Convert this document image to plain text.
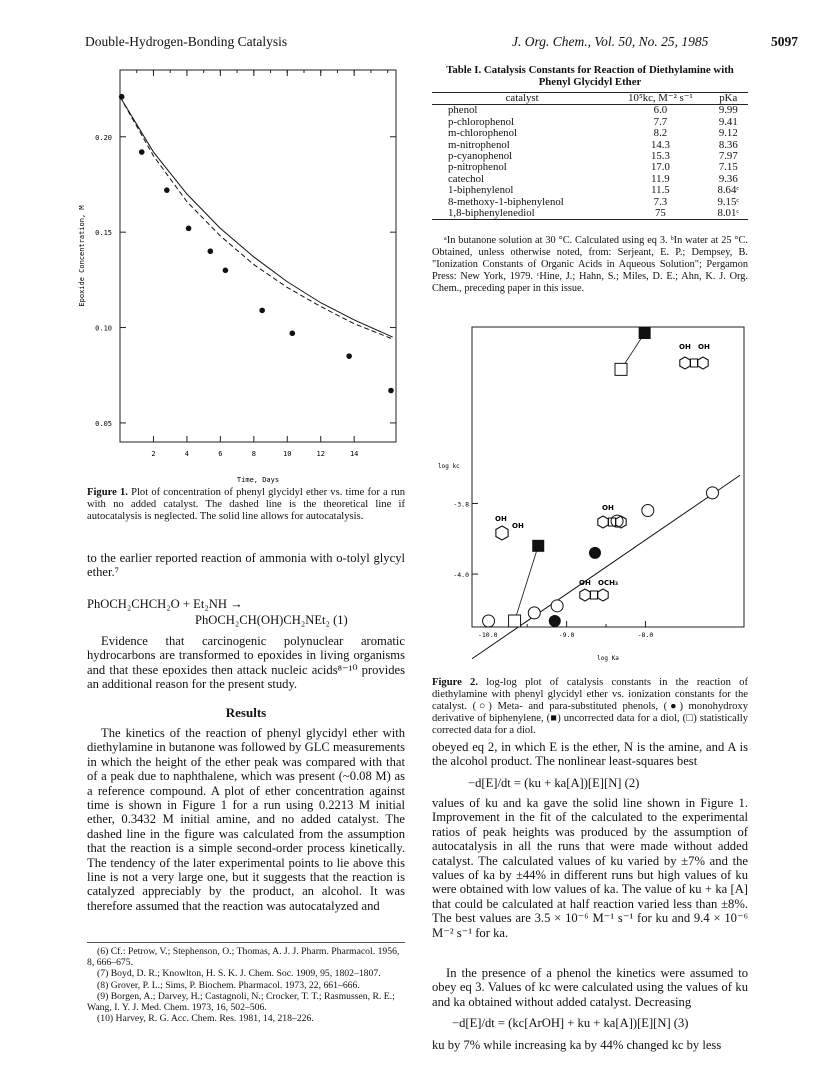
Double-Hydrogen-Bonding Catalysis	J. Org. Chem., Vol. 50, No. 25, 1985	5097
2	4	6	8	10	12	14
0.05
0.10
0.15
0.20
Time, Days
Epoxide Concentration, M
Figure 1. Plot of concentration of phenyl glycidyl ether vs. time for a run with no added catalyst. The dashed line is the theoretical line if autocatalysis is neglected. The solid line allows for autocatalysis.
to the earlier reported reaction of ammonia with o-tolyl glycyl ether.⁷
PhOCH₂CHCH₂O + Et₂NH →
PhOCH₂CH(OH)CH₂NEt₂ (1)
Evidence that carcinogenic polynuclear aromatic hydrocarbons are transformed to epoxides in living organisms and that these epoxides then attack nucleic acids⁸⁻¹⁰ provides an additional reason for the present study.
Results
The kinetics of the reaction of phenyl glycidyl ether with diethylamine in butanone was followed by GLC measurements in which the height of the ether peak was compared with that of a peak due to naphthalene, which was present (~0.08 M) as a reference compound. A plot of ether concentration against time is shown in Figure 1 for a run using 0.2213 M initial ether, 0.3432 M initial amine, and no added catalyst. The dashed line in the figure was calculated from the assumption that the reaction is a simple second-order process kinetically. The tendency of the later experimental points to lie above this line is not a very large one, but it suggests that the reaction is catalyzed appreciably by the product, an alcohol. It was therefore assumed that the reaction was autocatalyzed and
(6) Cf.: Petrow, V.; Stephenson, O.; Thomas, A. J. J. Pharm. Pharmacol. 1956, 8, 666–675.
(7) Boyd, D. R.; Knowlton, H. S. K. J. Chem. Soc. 1909, 95, 1802–1807.
(8) Grover, P. L.; Sims, P. Biochem. Pharmacol. 1973, 22, 661–666.
(9) Borgen, A.; Darvey, H.; Castagnoli, N.; Crocker, T. T.; Rasmussen, R. E.; Wang, I. Y. J. Med. Chem. 1973, 16, 502–506.
(10) Harvey, R. G. Acc. Chem. Res. 1981, 14, 218–226.
Table I. Catalysis Constants for Reaction of Diethylamine with Phenyl Glycidyl Ether
catalyst	10⁵kc, M⁻² s⁻¹	pKa
phenol	6.0	9.99
p-chlorophenol	7.7	9.41
m-chlorophenol	8.2	9.12
m-nitrophenol	14.3	8.36
p-cyanophenol	15.3	7.97
p-nitrophenol	17.0	7.15
catechol	11.9	9.36
1-biphenylenol	11.5	8.64ᶜ
8-methoxy-1-biphenylenol	7.3	9.15ᶜ
1,8-biphenylenediol	75	8.01ᶜ
ᵃIn butanone solution at 30 °C. Calculated using eq 3. ᵇIn water at 25 °C. Obtained, unless otherwise noted, from: Serjeant, E. P.; Dempsey, B. "Ionization Constants of Organic Acids in Aqueous Solution"; Pergamon Press: New York, 1979. ᶜHine, J.; Hahn, S.; Miles, D. E.; Ahn, K. J. Org. Chem., preceding paper in this issue.
-10.0	-9.0	-8.0
-3.8
-4.0
log Ka
log kc
OH OH
OH
OH
OH
OH OCH₃
Figure 2. log-log plot of catalysis constants in the reaction of diethylamine with phenyl glycidyl ether vs. ionization constants for the catalyst. (○) Meta- and para-substituted phenols, (●) monohydroxy derivative of biphenylene, (■) uncorrected data for a diol, (□) statistically corrected data for a diol.
obeyed eq 2, in which E is the ether, N is the amine, and A is the alcohol product. The nonlinear least-squares best
−d[E]/dt = (ku + ka[A])[E][N] (2)
values of ku and ka gave the solid line shown in Figure 1. Improvement in the fit of the calculated to the experimental ratios of peak heights was produced by the assumption of autocatalysis in all the runs that were made without added catalyst. The calculated values of ku varied by ±7% and the values of ka by ±44% in different runs but high values of ku were obtained with low values of ka. The value of ku + ka [A] that could be calculated at half reaction varied less than ±8%. The best values are 3.5 × 10⁻⁶ M⁻¹ s⁻¹ for ku and 9.4 × 10⁻⁶ M⁻² s⁻¹ for ka.
In the presence of a phenol the kinetics were assumed to obey eq 3. Values of kc were calculated using the values of ku and ka obtained without added catalyst. Decreasing
−d[E]/dt = (kc[ArOH] + ku + ka[A])[E][N] (3)
ku by 7% while increasing ka by 44% changed kc by less
